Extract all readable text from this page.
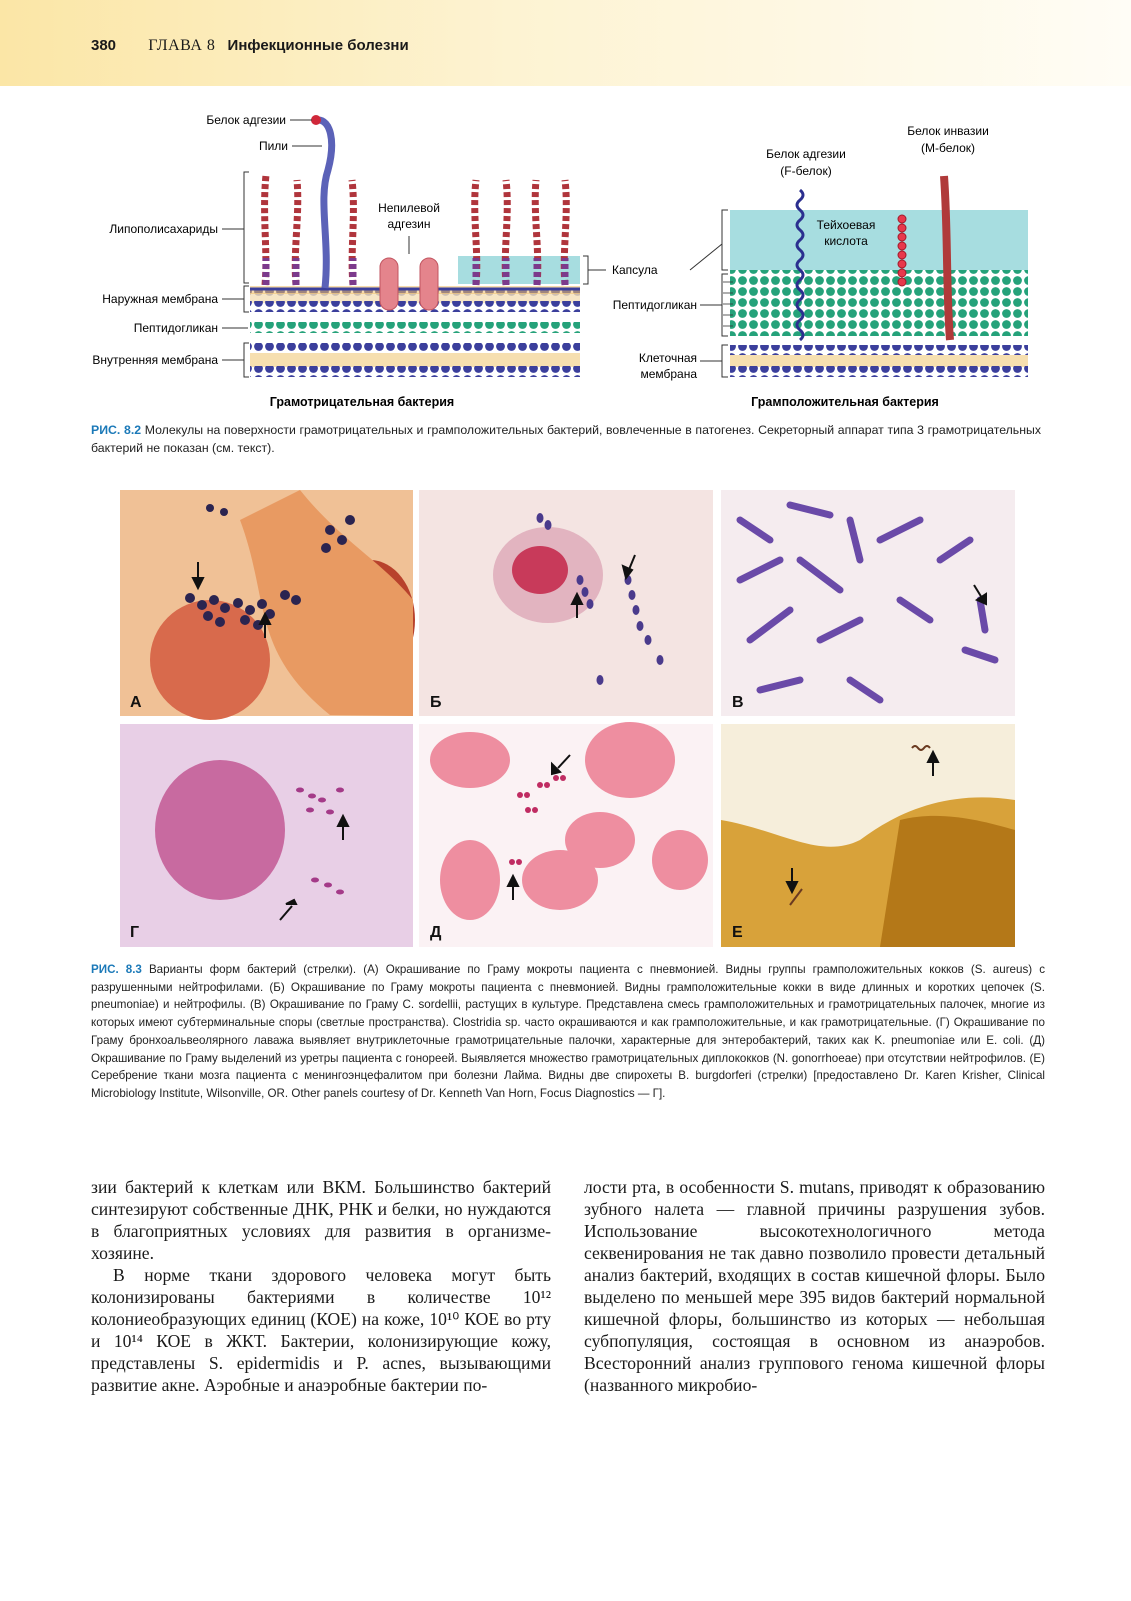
380 ГЛАВА 8 Инфекционные болезни
Белок адгезии
Пили
Липополисахариды
Непилевой
адгезин
Наружная мембрана
Пептидогликан
Внутренняя мембрана
Капсула
Грамотрицательная бактерия
Белок инвазии
(М-белок)
Белок адгезии
(F-белок)
Тейхоевая
кислота
Пептидогликан
Клеточная
мембрана
Грамположительная бактерия
РИС. 8.2 Молекулы на поверхности грамотрицательных и грамположительных бактерий, вовлеченные в патогенез. Секреторный аппарат типа 3 грамотрицательных бактерий не показан (см. текст).
А	Б	В
Г	Д	Е
РИС. 8.3 Варианты форм бактерий (стрелки). (А) Окрашивание по Граму мокроты пациента с пневмонией. Видны группы грамположительных кокков (S. aureus) с разрушенными нейтрофилами. (Б) Окрашивание по Граму мокроты пациента с пневмонией. Видны грамположительные кокки в виде длинных и коротких цепочек (S. pneumoniae) и нейтрофилы. (В) Окрашивание по Граму C. sordellii, растущих в культуре. Представлена смесь грамположительных и грамотрицательных палочек, многие из которых имеют субтерминальные споры (светлые пространства). Clostridia sp. часто окрашиваются и как грамположительные, и как грамотрицательные. (Г) Окрашивание по Граму бронхоальвеолярного лаважа выявляет внутриклеточные грамотрицательные палочки, характерные для энтеробактерий, таких как K. pneumoniae или E. coli. (Д) Окрашивание по Граму выделений из уретры пациента с гонореей. Выявляется множество грамотрицательных диплококков (N. gonorrhoeae) при отсутствии нейтрофилов. (Е) Серебрение ткани мозга пациента с менингоэнцефалитом при болезни Лайма. Видны две спирохеты B. burgdorferi (стрелки) [предоставлено Dr. Karen Krisher, Clinical Microbiology Institute, Wilsonville, OR. Other panels courtesy of Dr. Kenneth Van Horn, Focus Diagnostics — Г].

зии бактерий к клеткам или ВКМ. Большинство бактерий синтезируют собственные ДНК, РНК и белки, но нуждаются в благоприятных условиях для развития в организме-хозяине.

В норме ткани здорового человека могут быть колонизированы бактериями в количестве 10¹² колониеобразующих единиц (КОЕ) на коже, 10¹⁰ КОЕ во рту и 10¹⁴ КОЕ в ЖКТ. Бактерии, колонизирующие кожу, представлены S. epidermidis и P. acnes, вызывающими развитие акне. Аэробные и анаэробные бактерии по-

лости рта, в особенности S. mutans, приводят к образованию зубного налета — главной причины разрушения зубов. Использование высокотехнологичного метода секвенирования не так давно позволило провести детальный анализ бактерий, входящих в состав кишечной флоры. Было выделено по меньшей мере 395 видов бактерий нормальной кишечной флоры, большинство из которых — небольшая субпопуляция, состоящая в основном из анаэробов. Всесторонний анализ группового генома кишечной флоры (названного микробио-
